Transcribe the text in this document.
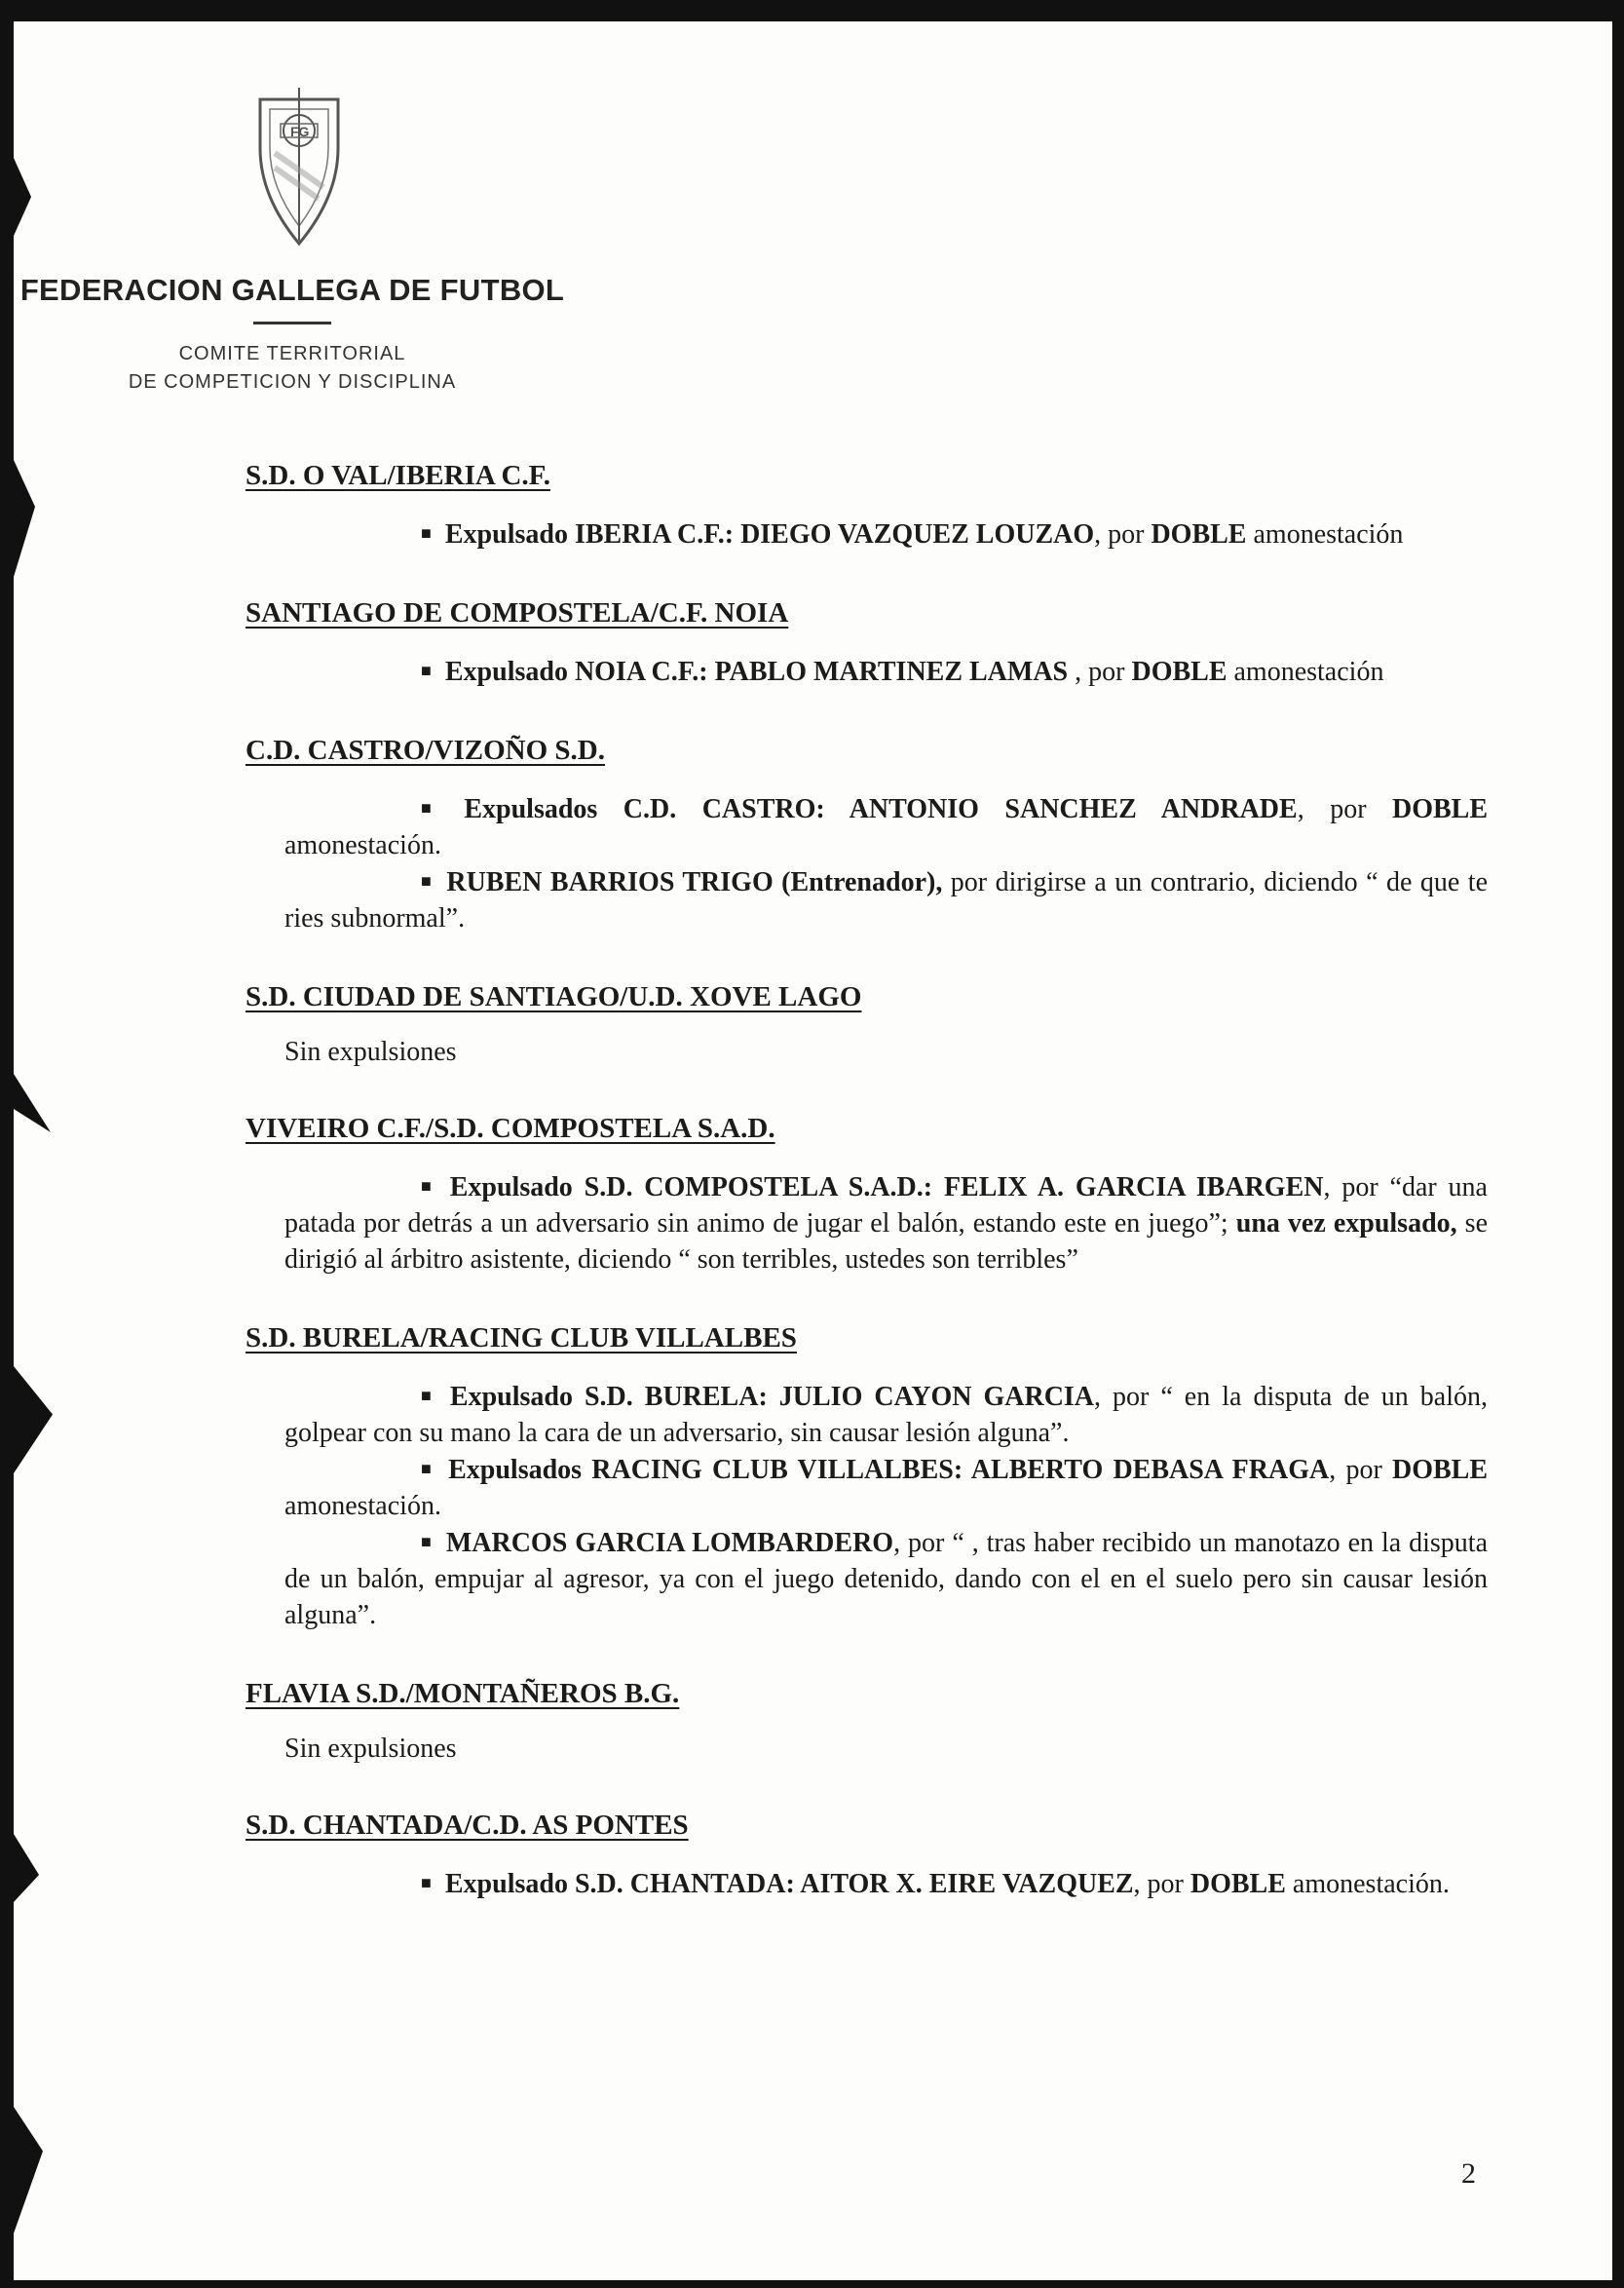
FG
FEDERACION GALLEGA DE FUTBOL
COMITE TERRITORIAL
DE COMPETICION Y DISCIPLINA
S.D. O VAL/IBERIA C.F.
■ Expulsado IBERIA C.F.: DIEGO VAZQUEZ LOUZAO, por DOBLE amonestación
SANTIAGO DE COMPOSTELA/C.F. NOIA
■ Expulsado NOIA C.F.: PABLO MARTINEZ LAMAS , por DOBLE amonestación
C.D. CASTRO/VIZOÑO S.D.
■ Expulsados C.D. CASTRO: ANTONIO SANCHEZ ANDRADE, por DOBLE amonestación.
■ RUBEN BARRIOS TRIGO (Entrenador), por dirigirse a un contrario, diciendo “ de que te ries subnormal”.
S.D. CIUDAD DE SANTIAGO/U.D. XOVE LAGO
Sin expulsiones
VIVEIRO C.F./S.D. COMPOSTELA S.A.D.
■ Expulsado S.D. COMPOSTELA S.A.D.: FELIX A. GARCIA IBARGEN, por “dar una patada por detrás a un adversario sin animo de jugar el balón, estando este en juego”; una vez expulsado, se dirigió al árbitro asistente, diciendo “ son terribles, ustedes son terribles”
S.D. BURELA/RACING CLUB VILLALBES
■ Expulsado S.D. BURELA: JULIO CAYON GARCIA, por “ en la disputa de un balón, golpear con su mano la cara de un adversario, sin causar lesión alguna”.
■ Expulsados RACING CLUB VILLALBES: ALBERTO DEBASA FRAGA, por DOBLE amonestación.
■ MARCOS GARCIA LOMBARDERO, por “ , tras haber recibido un manotazo en la disputa de un balón, empujar al agresor, ya con el juego detenido, dando con el en el suelo pero sin causar lesión alguna”.
FLAVIA S.D./MONTAÑEROS B.G.
Sin expulsiones
S.D. CHANTADA/C.D. AS PONTES
■ Expulsado S.D. CHANTADA: AITOR X. EIRE VAZQUEZ, por DOBLE amonestación.
2
